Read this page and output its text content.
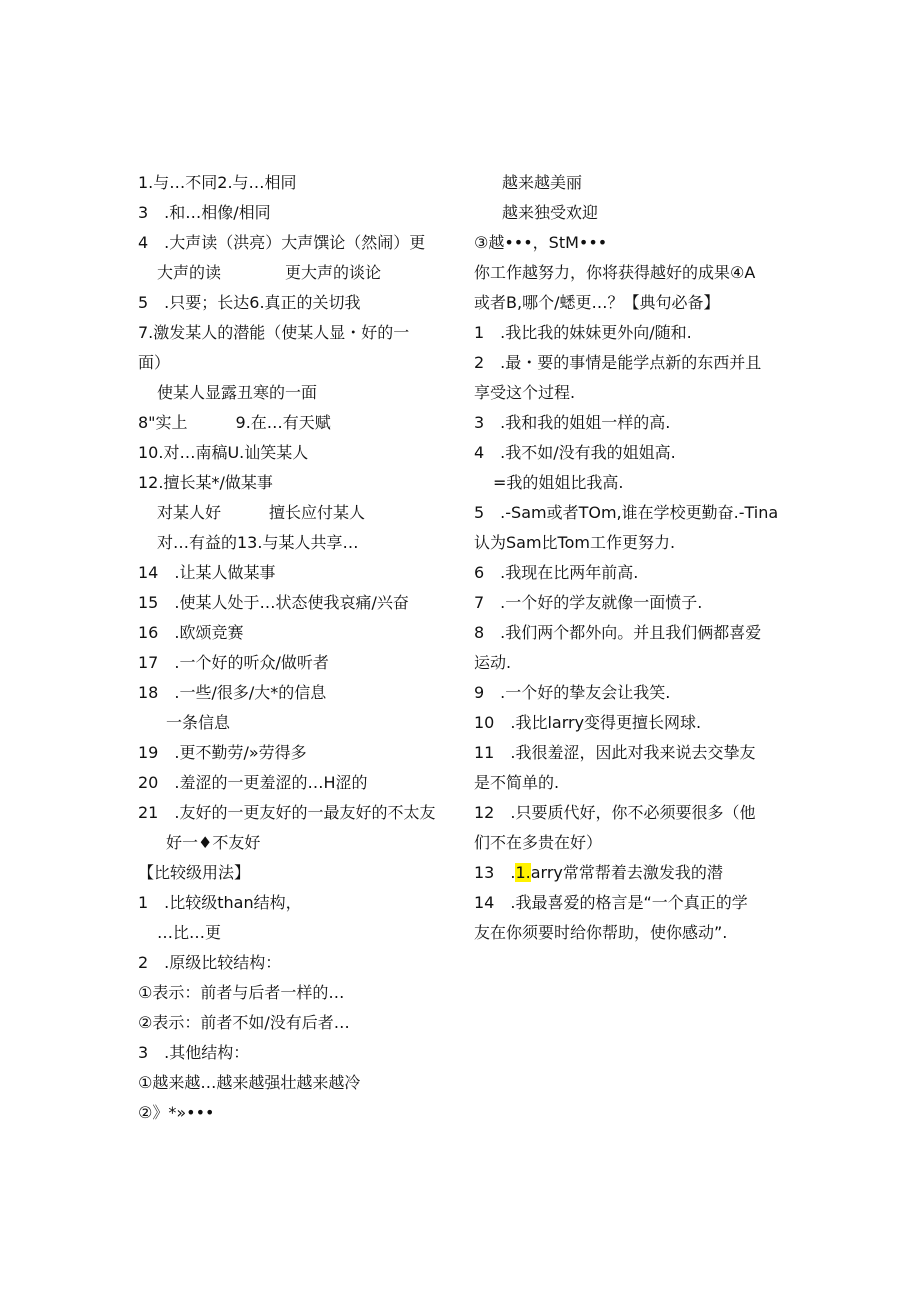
1.与…不同2.与…相同
3　.和…相像/相同
4　.大声读（洪亮）大声馔论（然闹）更
大声的读　　　　更大声的谈论
5　.只要；长达6.真正的关切我
7.激发某人的潜能（使某人显・好的一
面）
使某人显露丑寒的一面
8"实上　　　9.在…有天赋
10.对…南稿U.讪笑某人
12.擅长某*/做某事
对某人好　　　擅长应付某人
对…有益的13.与某人共享…
14　.让某人做某事
15　.使某人处于…状态使我哀痛/兴奋
16　.欧颂竞赛
17　.一个好的听众/做听者
18　.一些/很多/大*的信息
一条信息
19　.更不勤劳/»劳得多
20　.羞涩的一更羞涩的…H涩的
21　.友好的一更友好的一最友好的不太友
好一♦不友好
【比较级用法】
1　.比较级than结构，
…比…更
2　.原级比较结构：
①表示：前者与后者一样的…
②表示：前者不如/没有后者…
3　.其他结构：
①越来越…越来越强壮越来越冷
②》*»•••
越来越美丽
越来独受欢迎
③越•••，StM•••
你工作越努力，你将获得越好的成果④A
或者B,哪个/蟋更…？【典句必备】
1　.我比我的妹妹更外向/随和.
2　.最・要的事情是能学点新的东西并且
享受这个过程.
3　.我和我的姐姐一样的高.
4　.我不如/没有我的姐姐高.
=我的姐姐比我高.
5　.-Sam或者TOm,谁在学校更勤奋.-Tina
认为Sam比Tom工作更努力.
6　.我现在比两年前高.
7　.一个好的学友就像一面愤子.
8　.我们两个都外向。并且我们俩都喜爱
运动.
9　.一个好的挚友会让我笑.
10　.我比larry变得更擅长网球.
11　.我很羞涩，因此对我来说去交挚友
是不简单的.
12　.只要质代好，你不必须要很多（他
们不在多贵在好）
13　.1.arry常常帮着去激发我的潜
14　.我最喜爱的格言是“一个真正的学
友在你须要时给你帮助，使你感动”.
